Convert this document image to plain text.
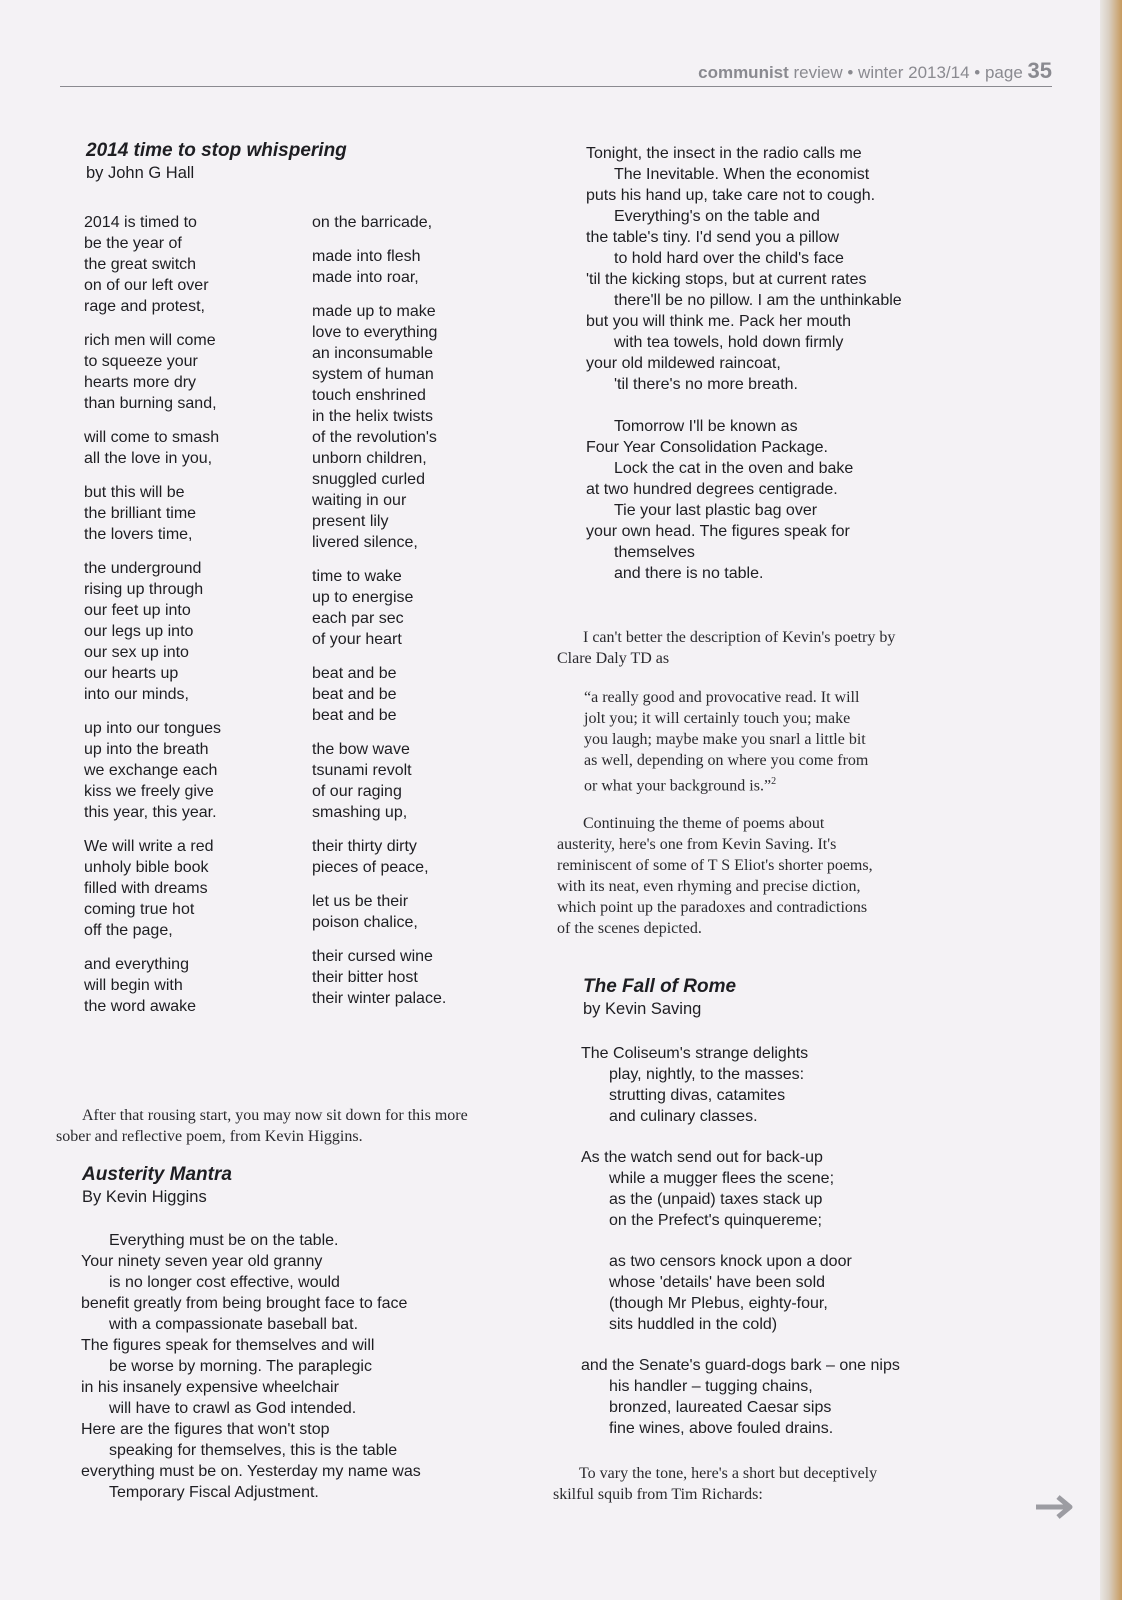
communist review • winter 2013/14 • page 35
2014 time to stop whispering
by John G Hall
2014 is timed to
be the year of
the great switch
on of our left over
rage and protest,
rich men will come
to squeeze your
hearts more dry
than burning sand,
will come to smash
all the love in you,
but this will be
the brilliant time
the lovers time,
the underground
rising up through
our feet up into
our legs up into
our sex up into
our hearts up
into our minds,
up into our tongues
up into the breath
we exchange each
kiss we freely give
this year, this year.
We will write a red
unholy bible book
filled with dreams
coming true hot
off the page,
and everything
will begin with
the word awake
on the barricade,
made into flesh
made into roar,
made up to make
love to everything
an inconsumable
system of human
touch enshrined
in the helix twists
of the revolution's
unborn children,
snuggled curled
waiting in our
present lily
livered silence,
time to wake
up to energise
each par sec
of your heart
beat and be
beat and be
beat and be
the bow wave
tsunami revolt
of our raging
smashing up,
their thirty dirty
pieces of peace,
let us be their
poison chalice,
their cursed wine
their bitter host
their winter palace.
After that rousing start, you may now sit down for this more
sober and reflective poem, from Kevin Higgins.
Austerity Mantra
By Kevin Higgins
Everything must be on the table.
Your ninety seven year old granny
is no longer cost effective, would
benefit greatly from being brought face to face
with a compassionate baseball bat.
The figures speak for themselves and will
be worse by morning. The paraplegic
in his insanely expensive wheelchair
will have to crawl as God intended.
Here are the figures that won't stop
speaking for themselves, this is the table
everything must be on. Yesterday my name was
Temporary Fiscal Adjustment.
Tonight, the insect in the radio calls me
The Inevitable. When the economist
puts his hand up, take care not to cough.
Everything's on the table and
the table's tiny. I'd send you a pillow
to hold hard over the child's face
'til the kicking stops, but at current rates
there'll be no pillow. I am the unthinkable
but you will think me. Pack her mouth
with tea towels, hold down firmly
your old mildewed raincoat,
'til there's no more breath.

Tomorrow I'll be known as
Four Year Consolidation Package.
Lock the cat in the oven and bake
at two hundred degrees centigrade.
Tie your last plastic bag over
your own head. The figures speak for
themselves
and there is no table.
I can't better the description of Kevin's poetry by
Clare Daly TD as
“a really good and provocative read. It will
jolt you; it will certainly touch you; make
you laugh; maybe make you snarl a little bit
as well, depending on where you come from
or what your background is.”$^2$
Continuing the theme of poems about
austerity, here's one from Kevin Saving. It's
reminiscent of some of T S Eliot's shorter poems,
with its neat, even rhyming and precise diction,
which point up the paradoxes and contradictions
of the scenes depicted.
The Fall of Rome
by Kevin Saving
The Coliseum's strange delights
play, nightly, to the masses:
strutting divas, catamites
and culinary classes.
As the watch send out for back-up
while a mugger flees the scene;
as the (unpaid) taxes stack up
on the Prefect's quinquereme;
as two censors knock upon a door
whose 'details' have been sold
(though Mr Plebus, eighty-four,
sits huddled in the cold)
and the Senate's guard-dogs bark – one nips
his handler – tugging chains,
bronzed, laureated Caesar sips
fine wines, above fouled drains.
To vary the tone, here's a short but deceptively
skilful squib from Tim Richards:
